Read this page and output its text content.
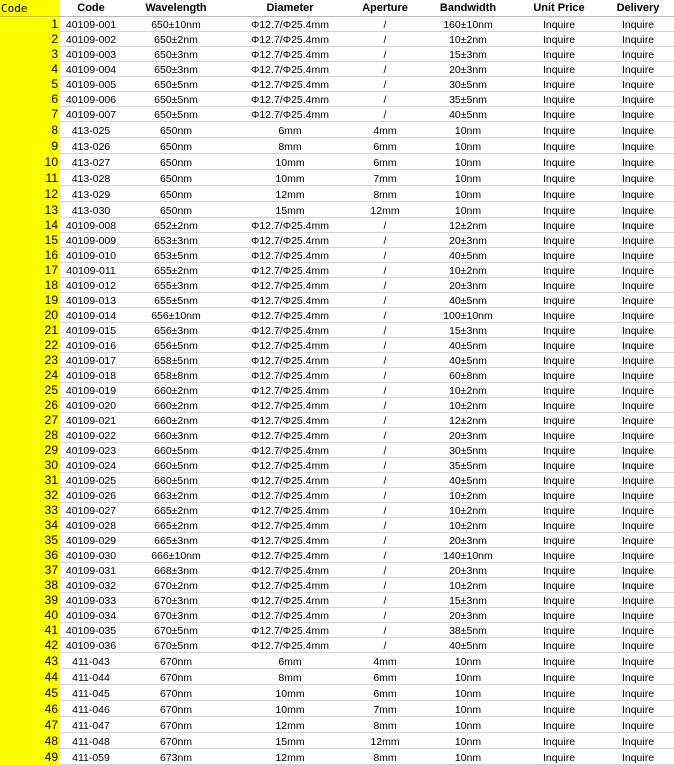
Code	Code	Wavelength	Diameter	Aperture	Bandwidth	Unit Price	Delivery
1	40109-001	650±10nm	Φ12.7/Φ25.4mm	/	160±10nm	Inquire	Inquire
2	40109-002	650±2nm	Φ12.7/Φ25.4mm	/	10±2nm	Inquire	Inquire
3	40109-003	650±3nm	Φ12.7/Φ25.4mm	/	15±3nm	Inquire	Inquire
4	40109-004	650±3nm	Φ12.7/Φ25.4mm	/	20±3nm	Inquire	Inquire
5	40109-005	650±5nm	Φ12.7/Φ25.4mm	/	30±5nm	Inquire	Inquire
6	40109-006	650±5nm	Φ12.7/Φ25.4mm	/	35±5nm	Inquire	Inquire
7	40109-007	650±5nm	Φ12.7/Φ25.4mm	/	40±5nm	Inquire	Inquire
8	413-025	650nm	6mm	4mm	10nm	Inquire	Inquire
9	413-026	650nm	8mm	6mm	10nm	Inquire	Inquire
10	413-027	650nm	10mm	6mm	10nm	Inquire	Inquire
11	413-028	650nm	10mm	7mm	10nm	Inquire	Inquire
12	413-029	650nm	12mm	8mm	10nm	Inquire	Inquire
13	413-030	650nm	15mm	12mm	10nm	Inquire	Inquire
14	40109-008	652±2nm	Φ12.7/Φ25.4mm	/	12±2nm	Inquire	Inquire
15	40109-009	653±3nm	Φ12.7/Φ25.4mm	/	20±3nm	Inquire	Inquire
16	40109-010	653±5nm	Φ12.7/Φ25.4mm	/	40±5nm	Inquire	Inquire
17	40109-011	655±2nm	Φ12.7/Φ25.4mm	/	10±2nm	Inquire	Inquire
18	40109-012	655±3nm	Φ12.7/Φ25.4mm	/	20±3nm	Inquire	Inquire
19	40109-013	655±5nm	Φ12.7/Φ25.4mm	/	40±5nm	Inquire	Inquire
20	40109-014	656±10nm	Φ12.7/Φ25.4mm	/	100±10nm	Inquire	Inquire
21	40109-015	656±3nm	Φ12.7/Φ25.4mm	/	15±3nm	Inquire	Inquire
22	40109-016	656±5nm	Φ12.7/Φ25.4mm	/	40±5nm	Inquire	Inquire
23	40109-017	658±5nm	Φ12.7/Φ25.4mm	/	40±5nm	Inquire	Inquire
24	40109-018	658±8nm	Φ12.7/Φ25.4mm	/	60±8nm	Inquire	Inquire
25	40109-019	660±2nm	Φ12.7/Φ25.4mm	/	10±2nm	Inquire	Inquire
26	40109-020	660±2nm	Φ12.7/Φ25.4mm	/	10±2nm	Inquire	Inquire
27	40109-021	660±2nm	Φ12.7/Φ25.4mm	/	12±2nm	Inquire	Inquire
28	40109-022	660±3nm	Φ12.7/Φ25.4mm	/	20±3nm	Inquire	Inquire
29	40109-023	660±5nm	Φ12.7/Φ25.4mm	/	30±5nm	Inquire	Inquire
30	40109-024	660±5nm	Φ12.7/Φ25.4mm	/	35±5nm	Inquire	Inquire
31	40109-025	660±5nm	Φ12.7/Φ25.4mm	/	40±5nm	Inquire	Inquire
32	40109-026	663±2nm	Φ12.7/Φ25.4mm	/	10±2nm	Inquire	Inquire
33	40109-027	665±2nm	Φ12.7/Φ25.4mm	/	10±2nm	Inquire	Inquire
34	40109-028	665±2nm	Φ12.7/Φ25.4mm	/	10±2nm	Inquire	Inquire
35	40109-029	665±3nm	Φ12.7/Φ25.4mm	/	20±3nm	Inquire	Inquire
36	40109-030	666±10nm	Φ12.7/Φ25.4mm	/	140±10nm	Inquire	Inquire
37	40109-031	668±3nm	Φ12.7/Φ25.4mm	/	20±3nm	Inquire	Inquire
38	40109-032	670±2nm	Φ12.7/Φ25.4mm	/	10±2nm	Inquire	Inquire
39	40109-033	670±3nm	Φ12.7/Φ25.4mm	/	15±3nm	Inquire	Inquire
40	40109-034	670±3nm	Φ12.7/Φ25.4mm	/	20±3nm	Inquire	Inquire
41	40109-035	670±5nm	Φ12.7/Φ25.4mm	/	38±5nm	Inquire	Inquire
42	40109-036	670±5nm	Φ12.7/Φ25.4mm	/	40±5nm	Inquire	Inquire
43	411-043	670nm	6mm	4mm	10nm	Inquire	Inquire
44	411-044	670nm	8mm	6mm	10nm	Inquire	Inquire
45	411-045	670nm	10mm	6mm	10nm	Inquire	Inquire
46	411-046	670nm	10mm	7mm	10nm	Inquire	Inquire
47	411-047	670nm	12mm	8mm	10nm	Inquire	Inquire
48	411-048	670nm	15mm	12mm	10nm	Inquire	Inquire
49	411-059	673nm	12mm	8mm	10nm	Inquire	Inquire
